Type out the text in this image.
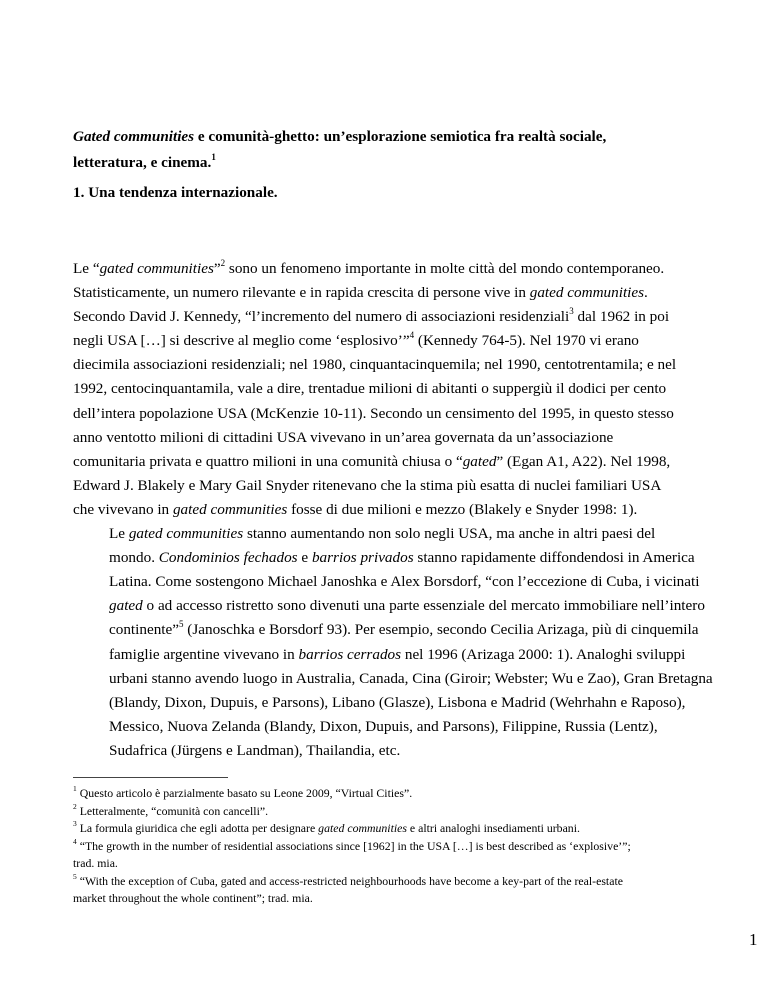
Gated communities e comunità-ghetto: un’esplorazione semiotica fra realtà sociale,
letteratura, e cinema.$^1$
1. Una tendenza internazionale.

Le “gated communities”$^2$ sono un fenomeno importante in molte città del mondo contemporaneo.
Statisticamente, un numero rilevante e in rapida crescita di persone vive in gated communities.
Secondo David J. Kennedy, “l’incremento del numero di associazioni residenziali$^3$ dal 1962 in poi
negli USA […] si descrive al meglio come ‘esplosivo’”$^4$ (Kennedy 764-5). Nel 1970 vi erano
diecimila associazioni residenziali; nel 1980, cinquantacinquemila; nel 1990, centotrentamila; e nel
1992, centocinquantamila, vale a dire, trentadue milioni di abitanti o suppergiù il dodici per cento
dell’intera popolazione USA (McKenzie 10-11). Secondo un censimento del 1995, in questo stesso
anno ventotto milioni di cittadini USA vivevano in un’area governata da un’associazione
comunitaria privata e quattro milioni in una comunità chiusa o “gated” (Egan A1, A22). Nel 1998,
Edward J. Blakely e Mary Gail Snyder ritenevano che la stima più esatta di nuclei familiari USA
che vivevano in gated communities fosse di due milioni e mezzo (Blakely e Snyder 1998: 1).

Le gated communities stanno aumentando non solo negli USA, ma anche in altri paesi del
mondo. Condominios fechados e barrios privados stanno rapidamente diffondendosi in America
Latina. Come sostengono Michael Janoshka e Alex Borsdorf, “con l’eccezione di Cuba, i vicinati
gated o ad accesso ristretto sono divenuti una parte essenziale del mercato immobiliare nell’intero
continente”$^5$ (Janoschka e Borsdorf 93). Per esempio, secondo Cecilia Arizaga, più di cinquemila
famiglie argentine vivevano in barrios cerrados nel 1996 (Arizaga 2000: 1). Analoghi sviluppi
urbani stanno avendo luogo in Australia, Canada, Cina (Giroir; Webster; Wu e Zao), Gran Bretagna
(Blandy, Dixon, Dupuis, e Parsons), Libano (Glasze), Lisbona e Madrid (Wehrhahn e Raposo),
Messico, Nuova Zelanda (Blandy, Dixon, Dupuis, and Parsons), Filippine, Russia (Lentz),
Sudafrica (Jürgens e Landman), Thailandia, etc.

$^1$ Questo articolo è parzialmente basato su Leone 2009, “Virtual Cities”.

$^2$ Letteralmente, “comunità con cancelli”.

$^3$ La formula giuridica che egli adotta per designare gated communities e altri analoghi insediamenti urbani.

$^4$ “The growth in the number of residential associations since [1962] in the USA […] is best described as ‘explosive’”;
trad. mia.

$^5$ “With the exception of Cuba, gated and access-restricted neighbourhoods have become a key-part of the real-estate
market throughout the whole continent”; trad. mia.

1
